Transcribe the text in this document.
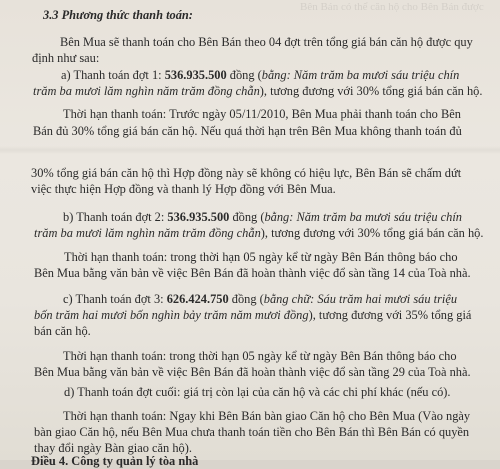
Bên Bán có thể căn hộ cho Bên Bán được
3.3 Phương thức thanh toán:
Bên Mua sẽ thanh toán cho Bên Bán theo 04 đợt trên tổng giá bán căn hộ được quy
định như sau:
a) Thanh toán đợt 1: 536.935.500 đồng (bằng: Năm trăm ba mươi sáu triệu chín
trăm ba mươi lăm nghìn năm trăm đồng chẵn), tương đương với 30% tổng giá bán căn hộ.
Thời hạn thanh toán: Trước ngày 05/11/2010, Bên Mua phải thanh toán cho Bên
Bán đủ 30% tổng giá bán căn hộ. Nếu quá thời hạn trên Bên Mua không thanh toán đủ
30% tổng giá bán căn hộ thì Hợp đồng này sẽ không có hiệu lực, Bên Bán sẽ chấm dứt
việc thực hiện Hợp đồng và thanh lý Hợp đồng với Bên Mua.
b) Thanh toán đợt 2: 536.935.500 đồng (bằng: Năm trăm ba mươi sáu triệu chín
trăm ba mươi lăm nghìn năm trăm đồng chẵn), tương đương với 30% tổng giá bán căn hộ.
Thời hạn thanh toán: trong thời hạn 05 ngày kể từ ngày Bên Bán thông báo cho
Bên Mua bằng văn bản về việc Bên Bán đã hoàn thành việc đổ sàn tầng 14 của Toà nhà.
c) Thanh toán đợt 3: 626.424.750 đồng (bằng chữ: Sáu trăm hai mươi sáu triệu
bốn trăm hai mươi bốn nghìn bảy trăm năm mươi đồng), tương đương với 35% tổng giá
bán căn hộ.
Thời hạn thanh toán: trong thời hạn 05 ngày kể từ ngày Bên Bán thông báo cho
Bên Mua bằng văn bản về việc Bên Bán đã hoàn thành việc đổ sàn tầng 29 của Toà nhà.
d) Thanh toán đợt cuối: giá trị còn lại của căn hộ và các chi phí khác (nếu có).
Thời hạn thanh toán: Ngay khi Bên Bán bàn giao Căn hộ cho Bên Mua (Vào ngày
bàn giao Căn hộ, nếu Bên Mua chưa thanh toán tiền cho Bên Bán thì Bên Bán có quyền
thay đổi ngày Bàn giao căn hộ).
Điều 4. Công ty quản lý tòa nhà
